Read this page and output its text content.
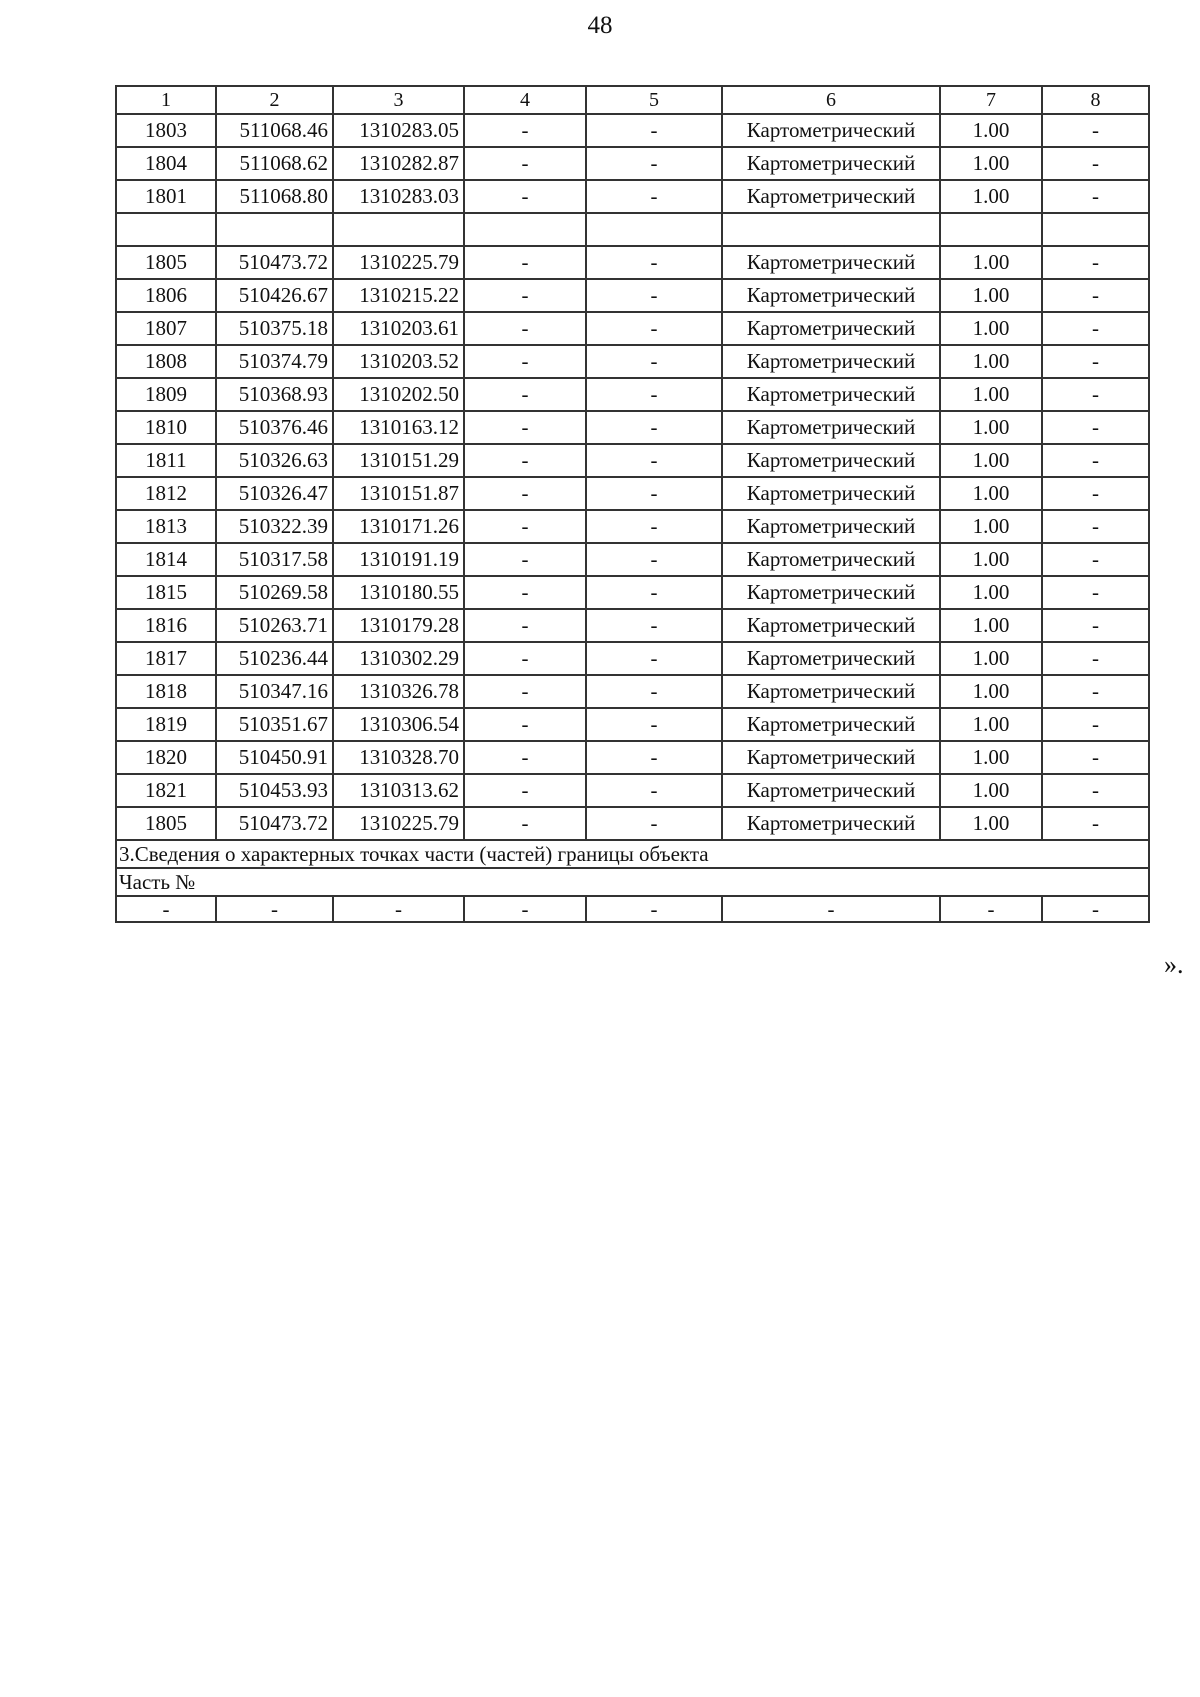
48
1	2	3	4	5	6	7	8
1803	511068.46	1310283.05	-	-	Картометрический	1.00	-
1804	511068.62	1310282.87	-	-	Картометрический	1.00	-
1801	511068.80	1310283.03	-	-	Картометрический	1.00	-

1805	510473.72	1310225.79	-	-	Картометрический	1.00	-
1806	510426.67	1310215.22	-	-	Картометрический	1.00	-
1807	510375.18	1310203.61	-	-	Картометрический	1.00	-
1808	510374.79	1310203.52	-	-	Картометрический	1.00	-
1809	510368.93	1310202.50	-	-	Картометрический	1.00	-
1810	510376.46	1310163.12	-	-	Картометрический	1.00	-
1811	510326.63	1310151.29	-	-	Картометрический	1.00	-
1812	510326.47	1310151.87	-	-	Картометрический	1.00	-
1813	510322.39	1310171.26	-	-	Картометрический	1.00	-
1814	510317.58	1310191.19	-	-	Картометрический	1.00	-
1815	510269.58	1310180.55	-	-	Картометрический	1.00	-
1816	510263.71	1310179.28	-	-	Картометрический	1.00	-
1817	510236.44	1310302.29	-	-	Картометрический	1.00	-
1818	510347.16	1310326.78	-	-	Картометрический	1.00	-
1819	510351.67	1310306.54	-	-	Картометрический	1.00	-
1820	510450.91	1310328.70	-	-	Картометрический	1.00	-
1821	510453.93	1310313.62	-	-	Картометрический	1.00	-
1805	510473.72	1310225.79	-	-	Картометрический	1.00	-
3.Сведения о характерных точках части (частей) границы объекта							
Часть №							
-	-	-	-	-	-	-	-
».
